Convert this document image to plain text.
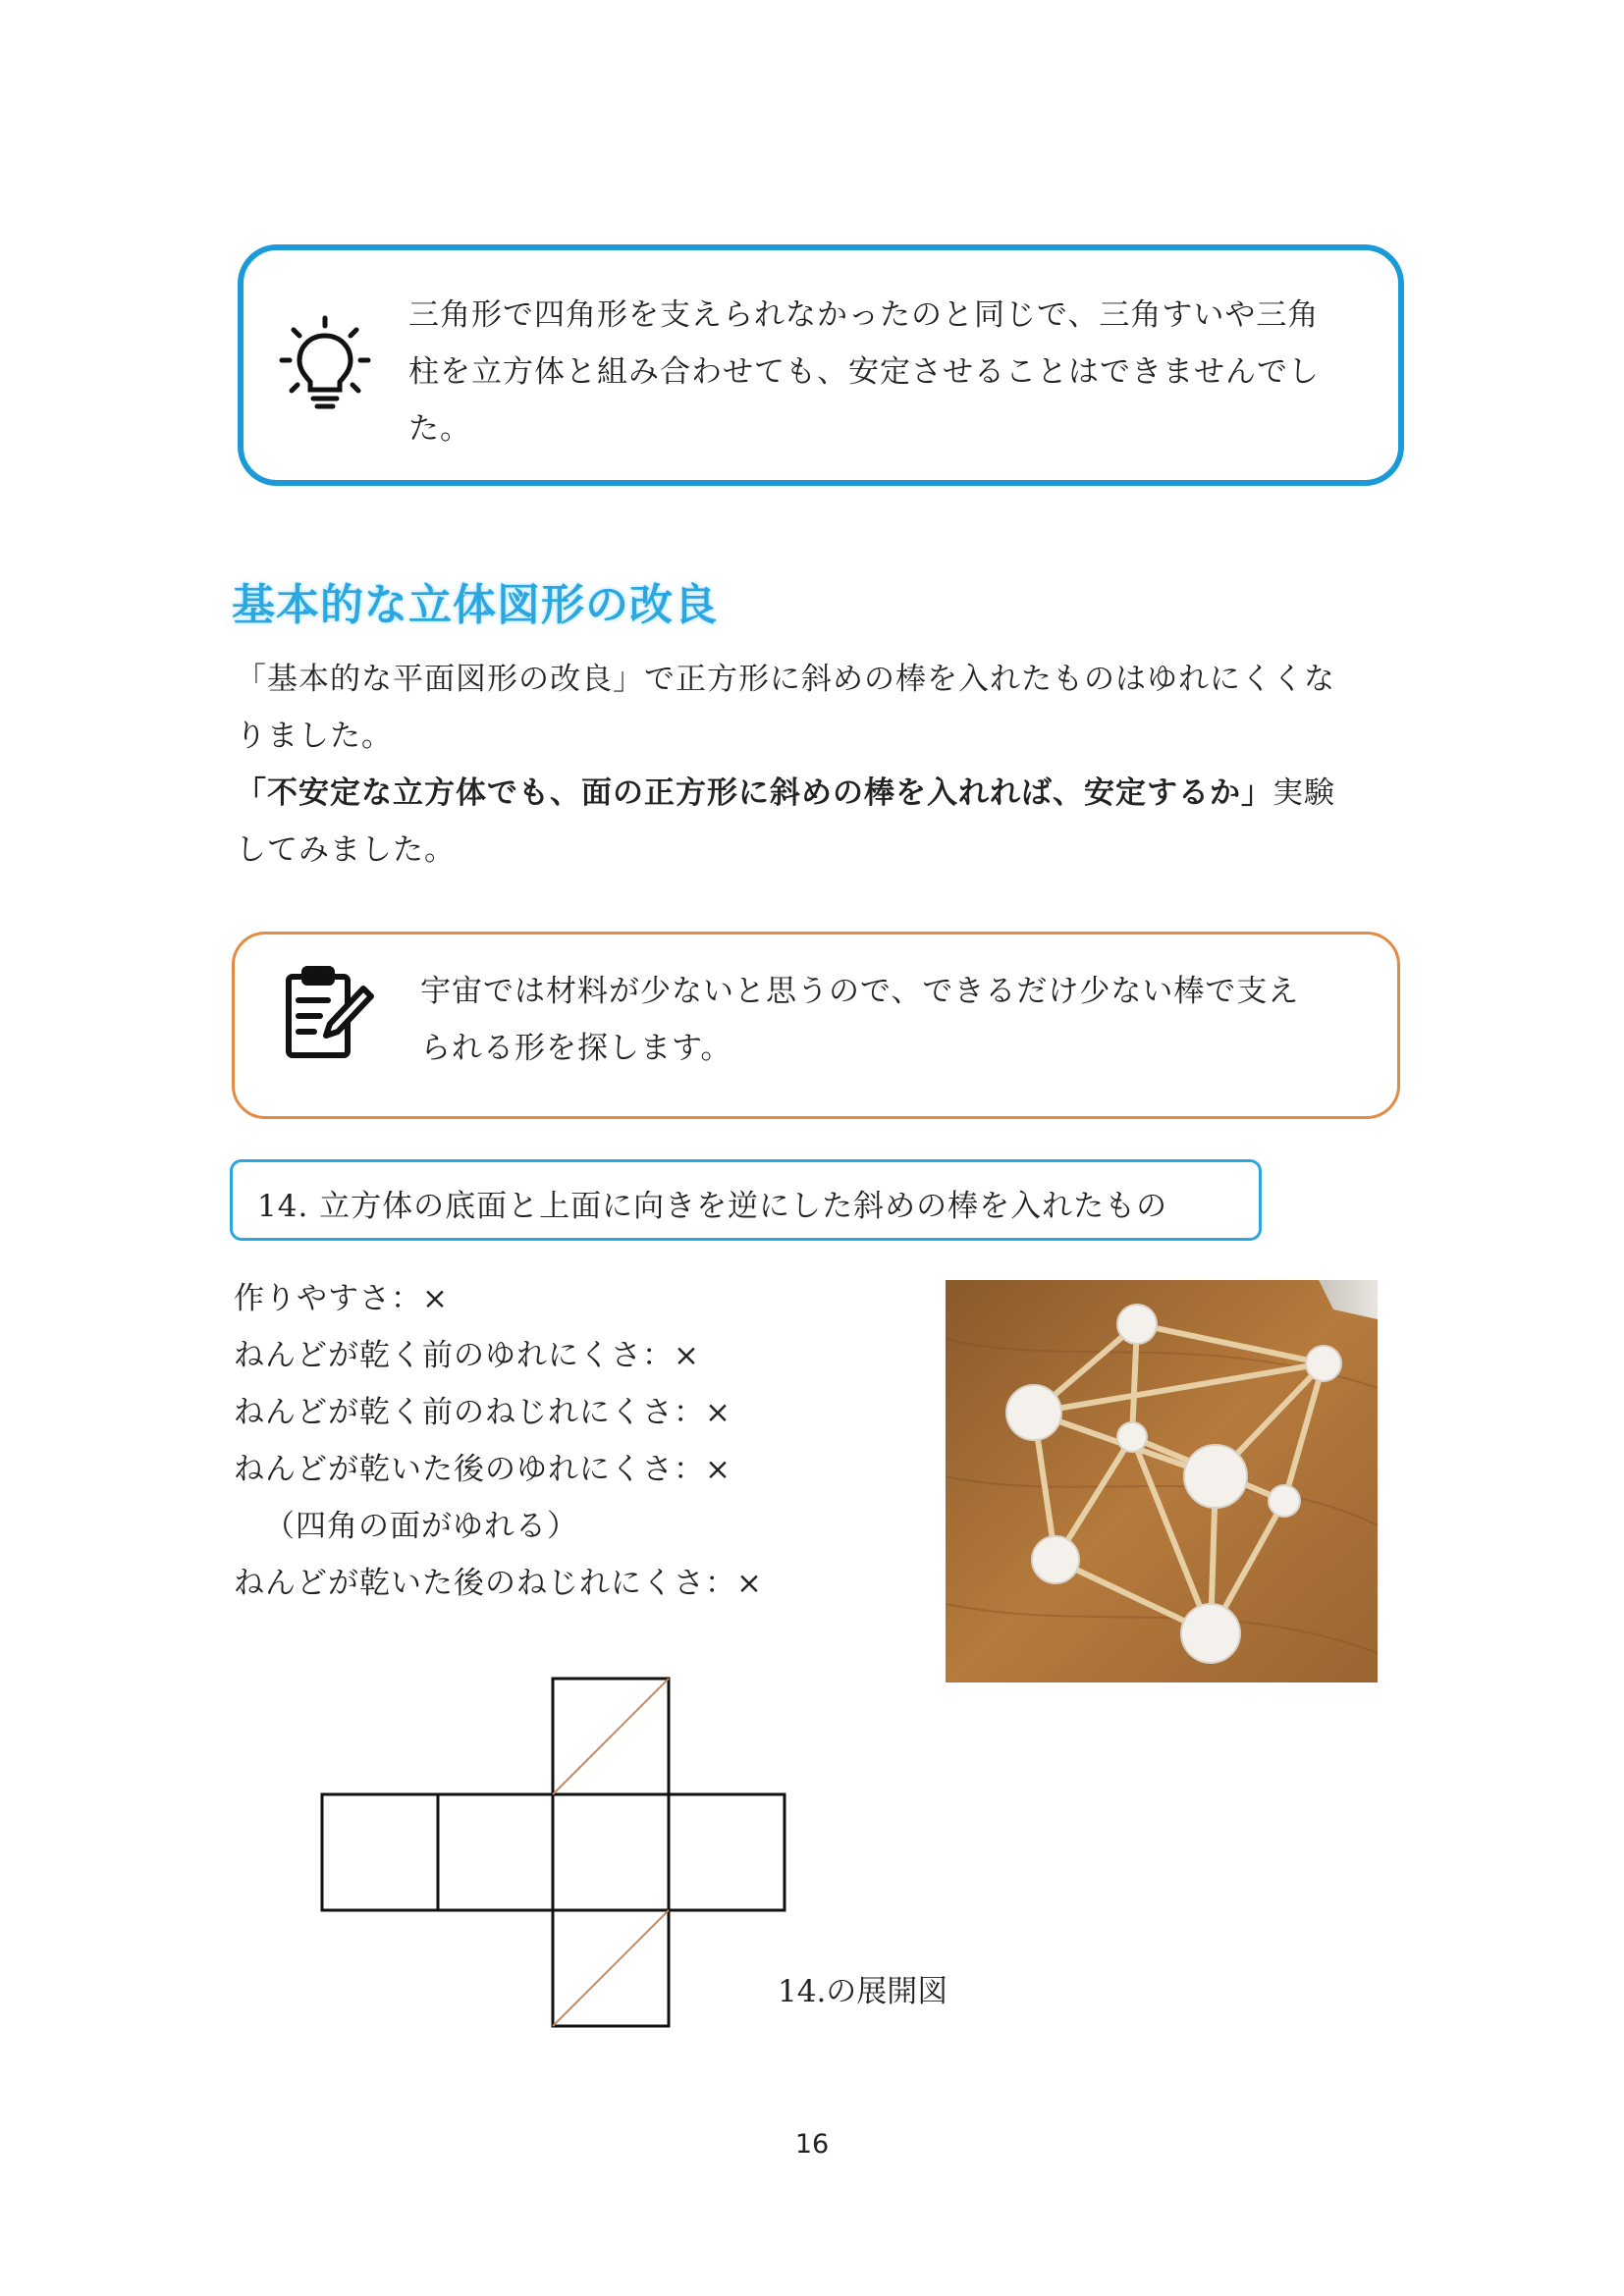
三角形で四角形を支えられなかったのと同じで、三角すいや三角
柱を立方体と組み合わせても、安定させることはできませんでし
た。
基本的な立体図形の改良
「基本的な平面図形の改良」で正方形に斜めの棒を入れたものはゆれにくくな
りました。
「不安定な立方体でも、面の正方形に斜めの棒を入れれば、安定するか」実験
してみました。
宇宙では材料が少ないと思うので、できるだけ少ない棒で支え
られる形を探します。
14. 立方体の底面と上面に向きを逆にした斜めの棒を入れたもの
作りやすさ：×
ねんどが乾く前のゆれにくさ：×
ねんどが乾く前のねじれにくさ：×
ねんどが乾いた後のゆれにくさ：×
（四角の面がゆれる）
ねんどが乾いた後のねじれにくさ：×
14.の展開図
16
